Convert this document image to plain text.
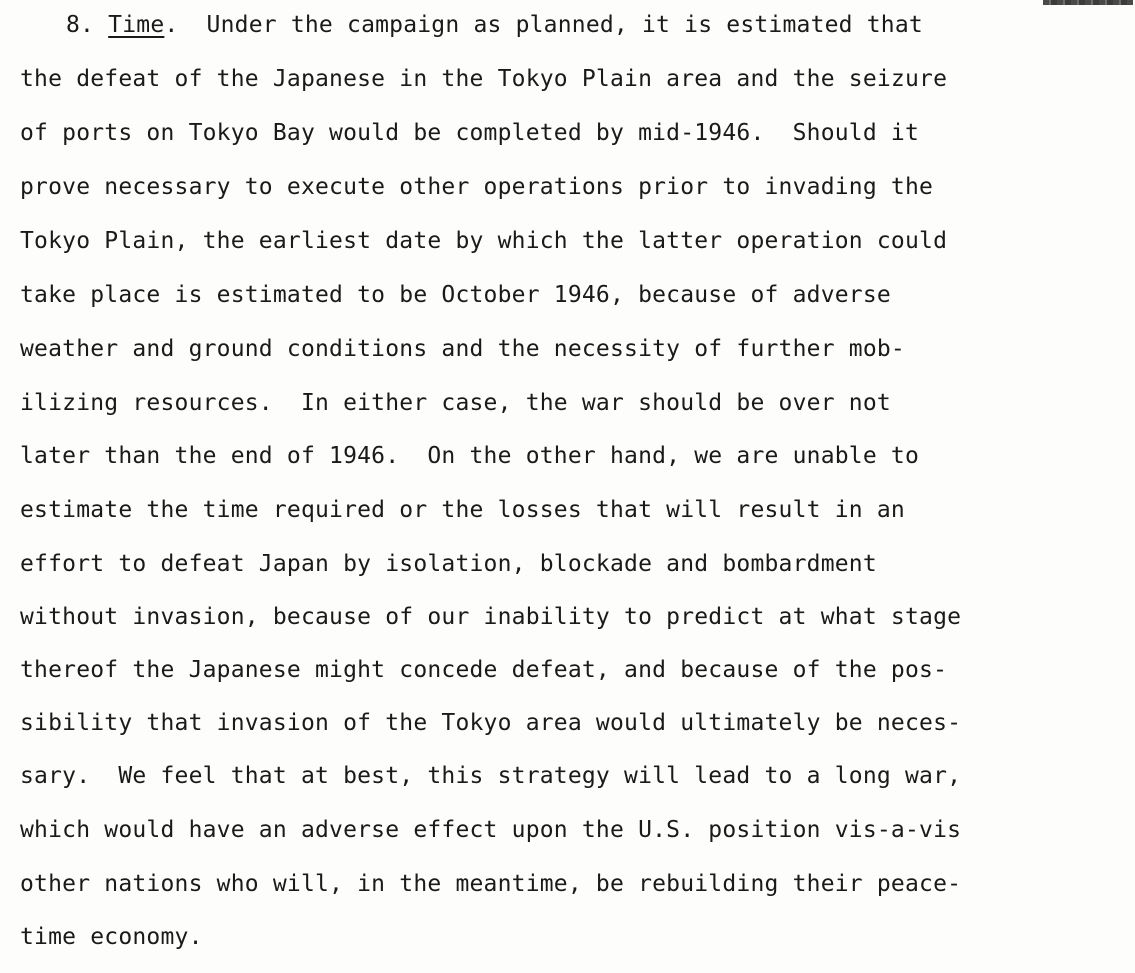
8. Time. Under the campaign as planned, it is estimated that
the defeat of the Japanese in the Tokyo Plain area and the seizure
of ports on Tokyo Bay would be completed by mid-1946.  Should it
prove necessary to execute other operations prior to invading the
Tokyo Plain, the earliest date by which the latter operation could
take place is estimated to be October 1946, because of adverse
weather and ground conditions and the necessity of further mob-
ilizing resources.  In either case, the war should be over not
later than the end of 1946.  On the other hand, we are unable to
estimate the time required or the losses that will result in an
effort to defeat Japan by isolation, blockade and bombardment
without invasion, because of our inability to predict at what stage
thereof the Japanese might concede defeat, and because of the pos-
sibility that invasion of the Tokyo area would ultimately be neces-
sary.  We feel that at best, this strategy will lead to a long war,
which would have an adverse effect upon the U.S. position vis-a-vis
other nations who will, in the meantime, be rebuilding their peace-
time economy.
